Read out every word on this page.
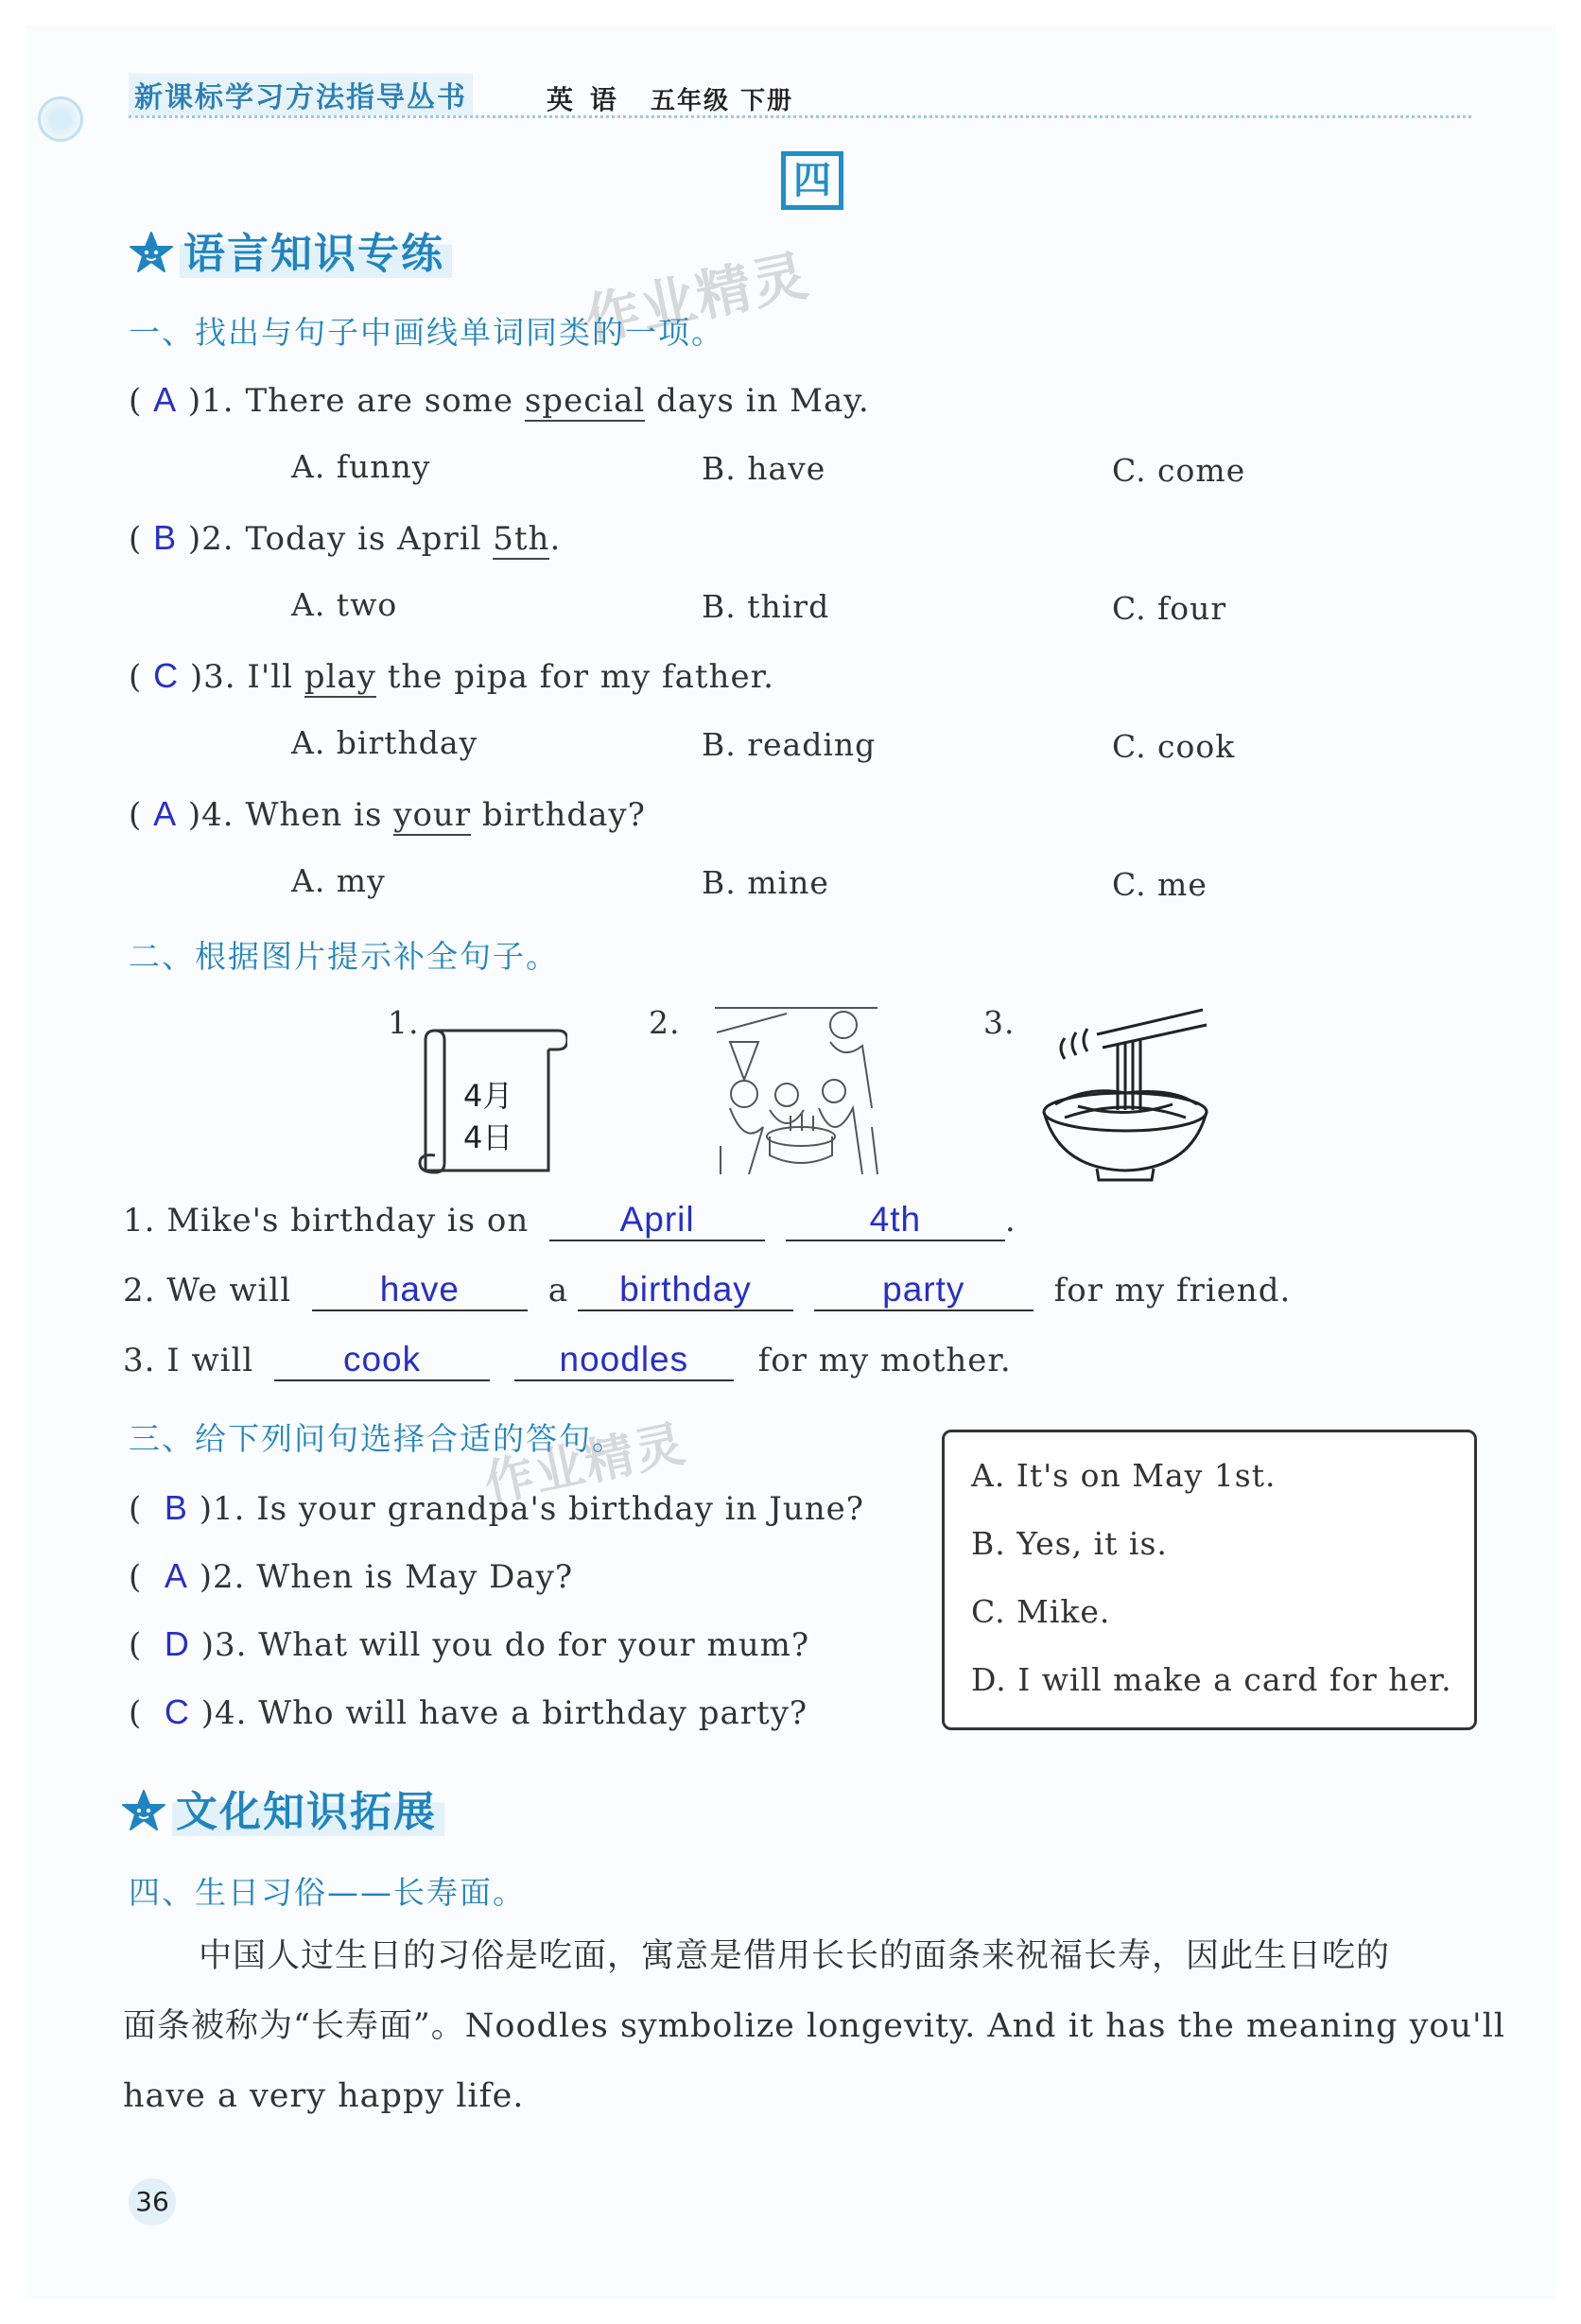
新课标学习方法指导丛书	英 语 五年级 下册
四
语言知识专练 作业精灵
一、找出与句子中画线单词同类的一项。
( A )1. There are some special days in May.
A. funny	B. have	C. come
( B )2. Today is April 5th.
A. two	B. third	C. four
( C )3. I'll play the pipa for my father.
A. birthday	B. reading	C. cook
( A )4. When is your birthday?
A. my	B. mine	C. me
二、根据图片提示补全句子。
1.
4月
4日
2.	3.
1. Mike's birthday is on	April	4th	.
2. We will	have	a birthday	party	for my friend.
3. I will	cook	noodles for my mother.
三、给下列问句选择合适的答句。
作业精灵
( B )1. Is your grandpa's birthday in June?
( A )2. When is May Day?
( D )3. What will you do for your mum?
( C )4. Who will have a birthday party?
A. It's on May 1st.
B. Yes, it is.
C. Mike.
D. I will make a card for her.
文化知识拓展
四、生日习俗——长寿面。
中国人过生日的习俗是吃面，寓意是借用长长的面条来祝福长寿，因此生日吃的
面条被称为“长寿面”。Noodles symbolize longevity. And it has the meaning you'll
have a very happy life.
36
